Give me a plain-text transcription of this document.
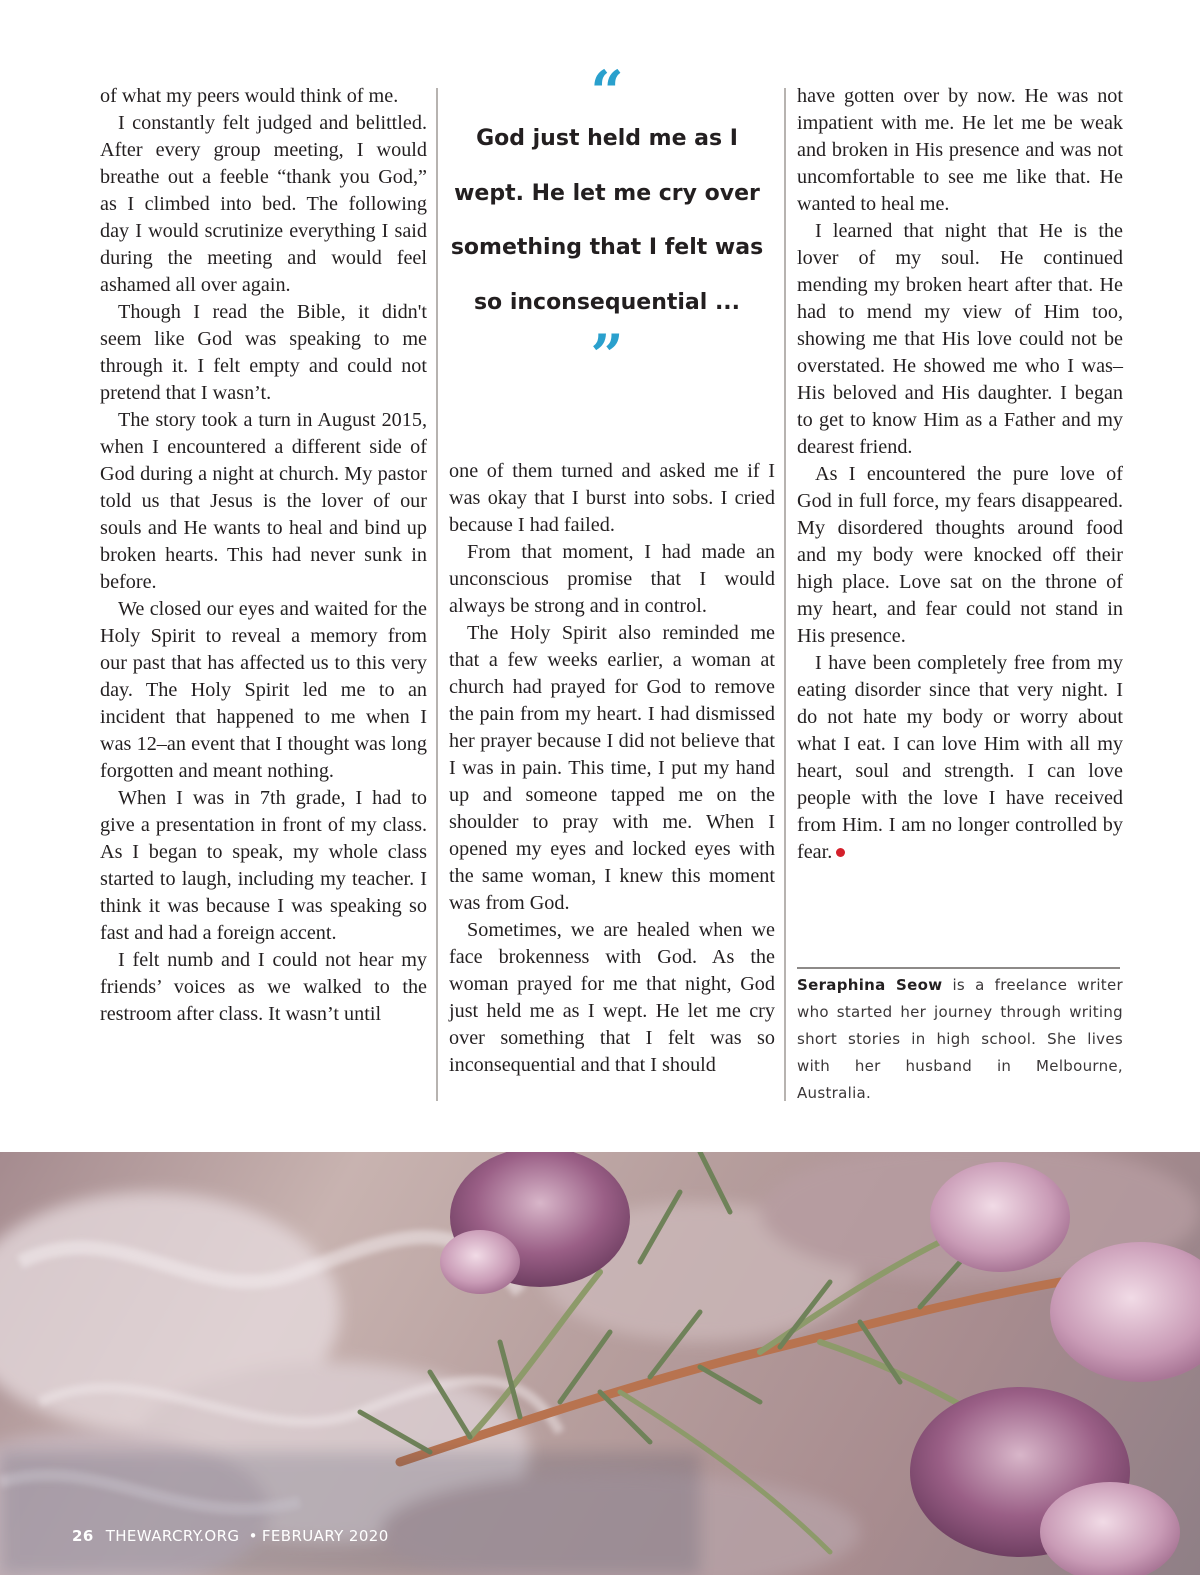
of what my peers would think of me.

I constantly felt judged and belittled. After every group meeting, I would breathe out a feeble “thank you God,” as I climbed into bed. The following day I would scrutinize everything I said during the meeting and would feel ashamed all over again.

Though I read the Bible, it didn't seem like God was speaking to me through it. I felt empty and could not pretend that I wasn’t.

The story took a turn in August 2015, when I encountered a different side of God during a night at church. My pastor told us that Jesus is the lover of our souls and He wants to heal and bind up broken hearts. This had never sunk in before.

We closed our eyes and waited for the Holy Spirit to reveal a memory from our past that has affected us to this very day. The Holy Spirit led me to an incident that happened to me when I was 12–an event that I thought was long forgotten and meant nothing.

When I was in 7th grade, I had to give a presentation in front of my class. As I began to speak, my whole class started to laugh, including my teacher. I think it was because I was speaking so fast and had a foreign accent.

I felt numb and I could not hear my friends’ voices as we walked to the restroom after class. It wasn’t until

“
God just held me as I wept. He let me cry over something that I felt was so inconsequential ...
”

one of them turned and asked me if I was okay that I burst into sobs. I cried because I had failed.

From that moment, I had made an unconscious promise that I would always be strong and in control.

The Holy Spirit also reminded me that a few weeks earlier, a woman at church had prayed for God to remove the pain from my heart. I had dismissed her prayer because I did not believe that I was in pain. This time, I put my hand up and someone tapped me on the shoulder to pray with me. When I opened my eyes and locked eyes with the same woman, I knew this moment was from God.

Sometimes, we are healed when we face brokenness with God. As the woman prayed for me that night, God just held me as I wept. He let me cry over something that I felt was so inconsequential and that I should

have gotten over by now. He was not impatient with me. He let me be weak and broken in His presence and was not uncomfortable to see me like that. He wanted to heal me.

I learned that night that He is the lover of my soul. He continued mending my broken heart after that. He had to mend my view of Him too, showing me that His love could not be overstated. He showed me who I was–His beloved and His daughter. I began to get to know Him as a Father and my dearest friend.

As I encountered the pure love of God in full force, my fears disappeared. My disordered thoughts around food and my body were knocked off their high place. Love sat on the throne of my heart, and fear could not stand in His presence.

I have been completely free from my eating disorder since that very night. I do not hate my body or worry about what I eat. I can love Him with all my heart, soul and strength. I can love people with the love I have received from Him. I am no longer controlled by fear.

Seraphina Seow is a freelance writer who started her journey through writing short stories in high school. She lives with her husband in Melbourne, Australia.
26 THEWARCRY.ORG • FEBRUARY 2020
